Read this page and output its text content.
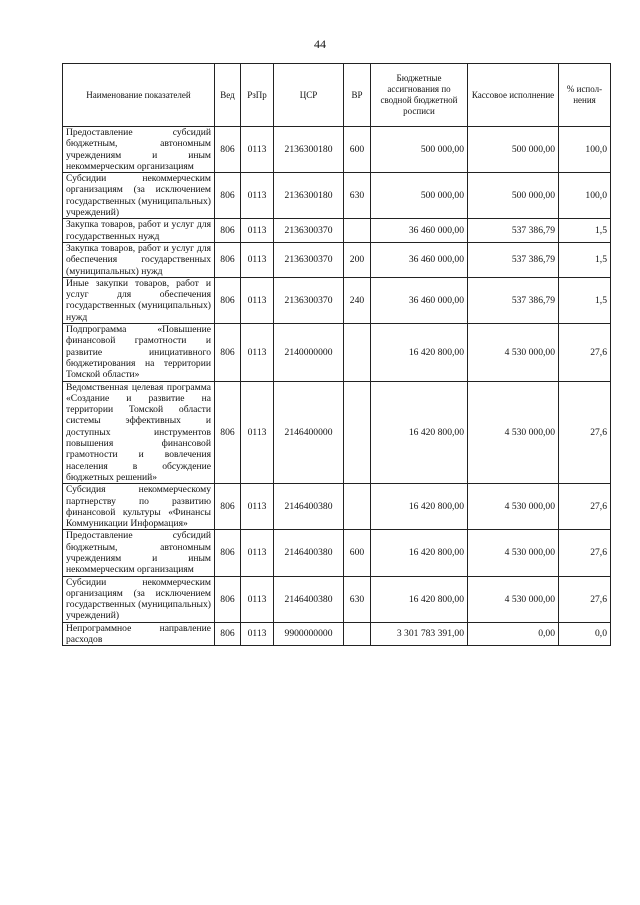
44
Наименование показателей	Вед	РзПр	ЦСР	ВР	Бюджетные ассигнования по сводной бюджетной росписи	Кассовое исполнение	% испол- нения
Предоставление субсидий бюджетным, автономным учреждениям и иным некоммерческим организациям	806	0113	2136300180	600	500 000,00	500 000,00	100,0
Субсидии некоммерческим организациям (за исключением государственных (муниципальных) учреждений)	806	0113	2136300180	630	500 000,00	500 000,00	100,0
Закупка товаров, работ и услуг для государственных нужд	806	0113	2136300370		36 460 000,00	537 386,79	1,5
Закупка товаров, работ и услуг для обеспечения государственных (муниципальных) нужд	806	0113	2136300370	200	36 460 000,00	537 386,79	1,5
Иные закупки товаров, работ и услуг для обеспечения государственных (муниципальных) нужд	806	0113	2136300370	240	36 460 000,00	537 386,79	1,5
Подпрограмма «Повышение финансовой грамотности и развитие инициативного бюджетирования на территории Томской области»	806	0113	2140000000		16 420 800,00	4 530 000,00	27,6
Ведомственная целевая программа «Создание и развитие на территории Томской области системы эффективных и доступных инструментов повышения финансовой грамотности и вовлечения населения в обсуждение бюджетных решений»	806	0113	2146400000		16 420 800,00	4 530 000,00	27,6
Субсидия некоммерческому партнерству по развитию финансовой культуры «Финансы Коммуникации Информация»	806	0113	2146400380		16 420 800,00	4 530 000,00	27,6
Предоставление субсидий бюджетным, автономным учреждениям и иным некоммерческим организациям	806	0113	2146400380	600	16 420 800,00	4 530 000,00	27,6
Субсидии некоммерческим организациям (за исключением государственных (муниципальных) учреждений)	806	0113	2146400380	630	16 420 800,00	4 530 000,00	27,6
Непрограммное направление расходов	806	0113	9900000000		3 301 783 391,00	0,00	0,0
